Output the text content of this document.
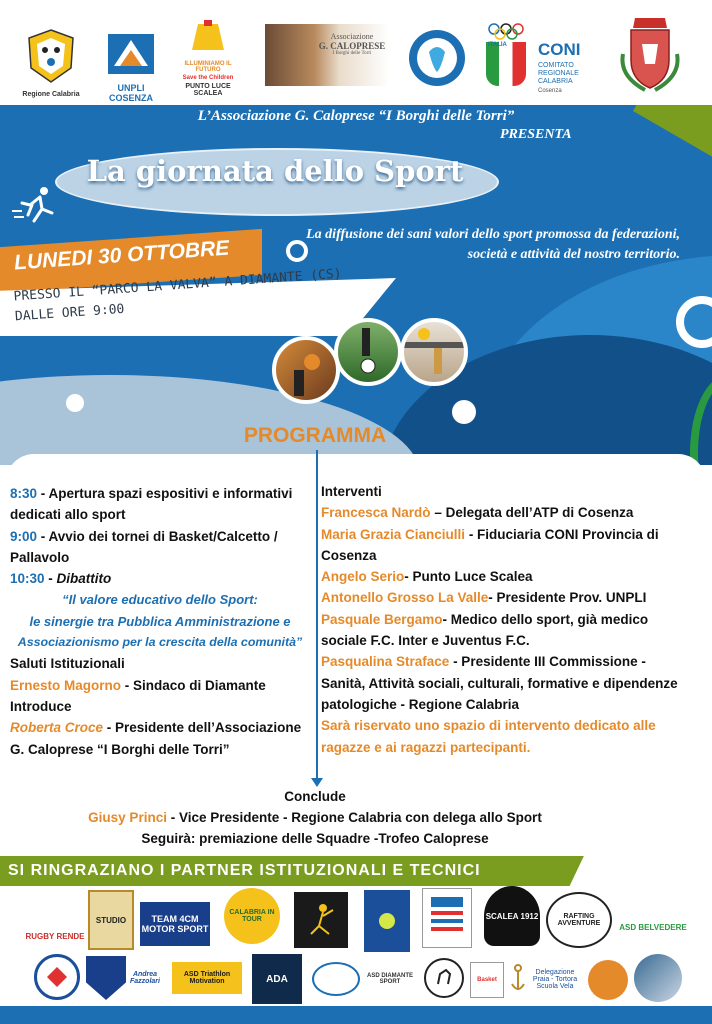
Regione Calabria
UNPLI COSENZA
ILLUMINIAMO IL FUTURO
Save the Children
PUNTO LUCE SCALEA
Associazione
G. CALOPRESE
I Borghi delle Torri
ITALIA CONI
COMITATO REGIONALE CALABRIA
Cosenza
L’Associazione G. Caloprese “I Borghi delle Torri”
PRESENTA
La giornata dello Sport
La diffusione dei sani valori dello sport promossa da federazioni, società e attività del nostro territorio.
LUNEDI 30 OTTOBRE
PRESSO IL “PARCO LA VALVA” A DIAMANTE (CS)
DALLE ORE 9:00
PROGRAMMA

8:30 - Apertura spazi espositivi e informativi dedicati allo sport

9:00 - Avvio dei tornei di Basket/Calcetto / Pallavolo

10:30 - Dibattito

“Il valore educativo dello Sport:

le sinergie tra Pubblica Amministrazione e

Associazionismo per la crescita della comunità”

Saluti Istituzionali

Ernesto Magorno - Sindaco di Diamante

Introduce

Roberta Croce - Presidente dell’Associazione G. Caloprese “I Borghi delle Torri”

Interventi

Francesca Nardò – Delegata dell’ATP di Cosenza

Maria Grazia Cianciulli - Fiduciaria CONI Provincia di Cosenza

Angelo Serio- Punto Luce Scalea

Antonello Grosso La Valle- Presidente Prov. UNPLI

Pasquale Bergamo- Medico dello sport, già medico sociale F.C. Inter e Juventus F.C.

Pasqualina Straface - Presidente III Commissione - Sanità, Attività sociali, culturali, formative e dipendenze patologiche - Regione Calabria

Sarà riservato uno spazio di intervento dedicato alle ragazze e ai ragazzi partecipanti.

Conclude
Giusy Princi - Vice Presidente - Regione Calabria con delega allo Sport
Seguirà: premiazione delle Squadre -Trofeo Caloprese
SI RINGRAZIANO I PARTNER ISTITUZIONALI E TECNICI
RUGBY RENDE
STUDIO	TEAM 4CM MOTOR SPORT
CALABRIA IN TOUR	SCALEA 1912	RAFTING AVVENTURE	ASD BELVEDERE
Andrea Fazzolari
ASD Triathlon Motivation	ADA	ASD DIAMANTE SPORT	Basket
Delegazione Praia - Tortora Scuola Vela
